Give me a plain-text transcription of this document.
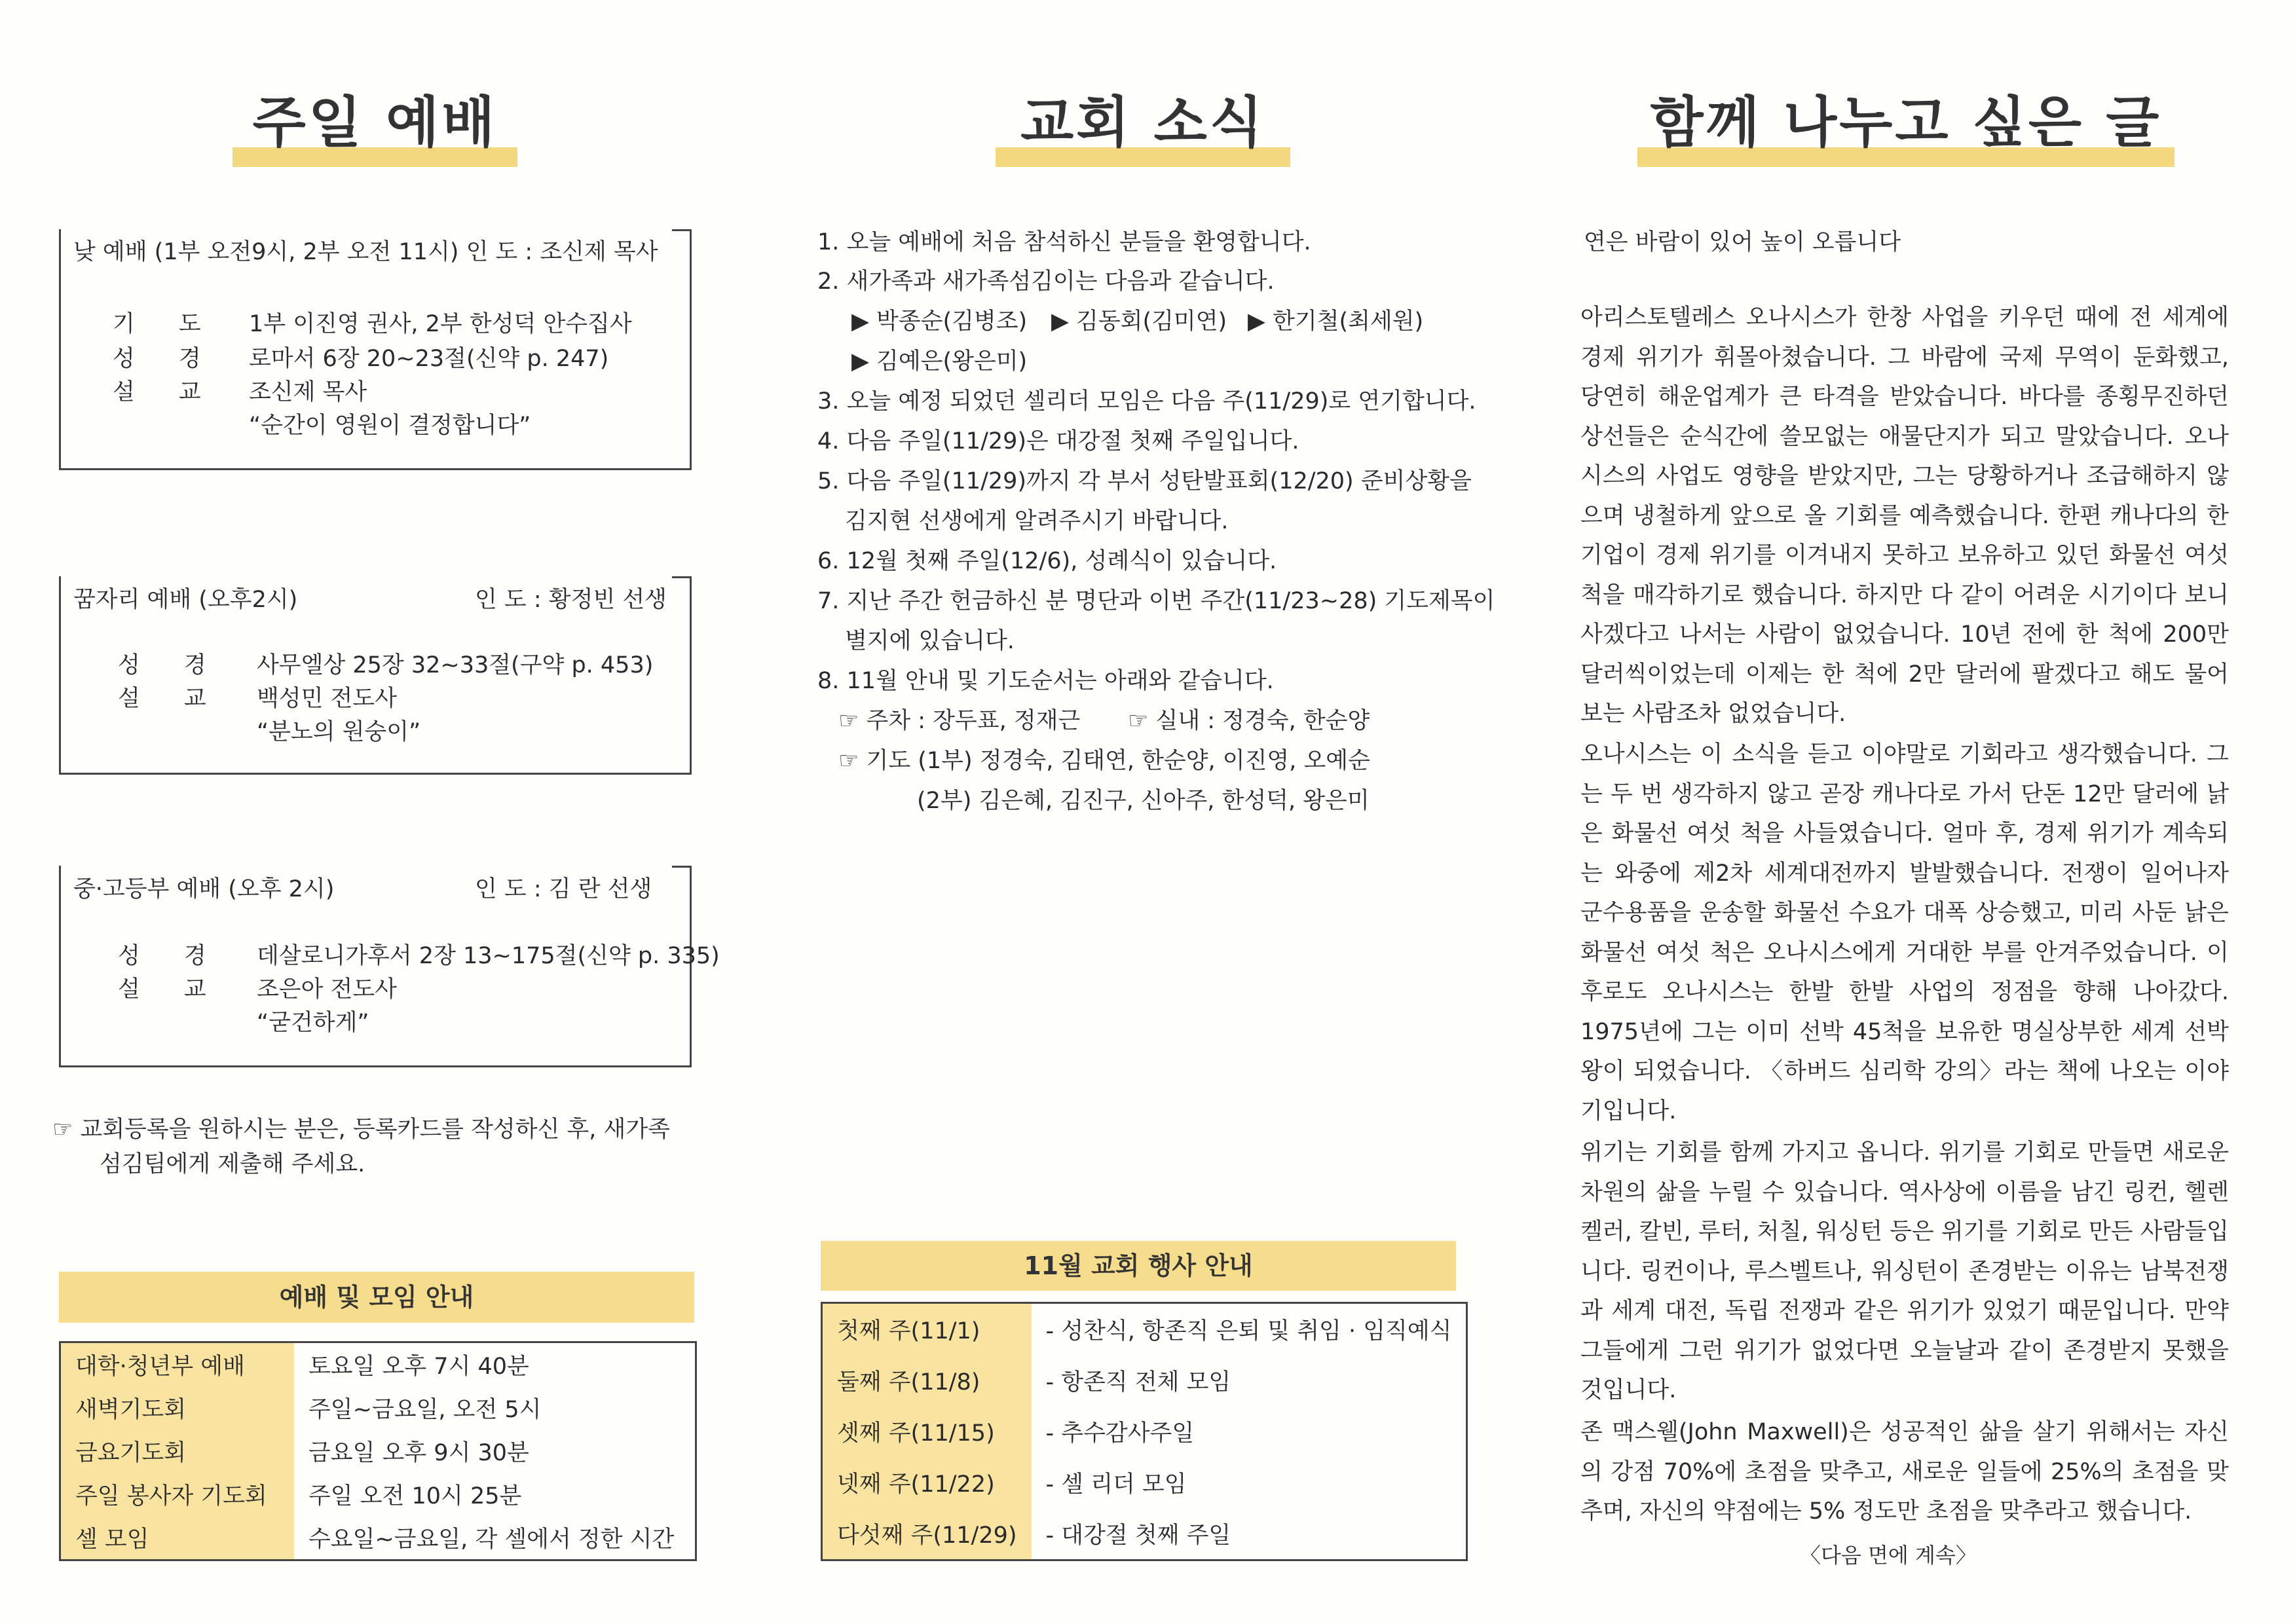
주일 예배
낮 예배 (1부 오전9시, 2부 오전 11시) 인 도 : 조신제 목사
기 도 1부 이진영 권사, 2부 한성덕 안수집사
성 경 로마서 6장 20~23절(신약 p. 247)
설 교 조신제 목사
“순간이 영원이 결정합니다”
꿈자리 예배 (오후2시)	인 도 : 황정빈 선생
성 경 사무엘상 25장 32~33절(구약 p. 453)
설 교 백성민 전도사
“분노의 원숭이”
중·고등부 예배 (오후 2시)	인 도 : 김 란 선생
성 경 데살로니가후서 2장 13~175절(신약 p. 335)
설 교 조은아 전도사
“굳건하게”
☞ 교회등록을 원하시는 분은, 등록카드를 작성하신 후, 새가족
섬김팀에게 제출해 주세요.
예배 및 모임 안내
대학·청년부 예배	토요일 오후 7시 40분
새벽기도회	주일~금요일, 오전 5시
금요기도회	금요일 오후 9시 30분
주일 봉사자 기도회	주일 오전 10시 25분
셀 모임	수요일~금요일, 각 셀에서 정한 시간
교회 소식
1. 오늘 예배에 처음 참석하신 분들을 환영합니다.
2. 새가족과 새가족섬김이는 다음과 같습니다.
▶ 박종순(김병조) ▶ 김동회(김미연) ▶ 한기철(최세원)
▶ 김예은(왕은미)
3. 오늘 예정 되었던 셀리더 모임은 다음 주(11/29)로 연기합니다.
4. 다음 주일(11/29)은 대강절 첫째 주일입니다.
5. 다음 주일(11/29)까지 각 부서 성탄발표회(12/20) 준비상황을
김지현 선생에게 알려주시기 바랍니다.
6. 12월 첫째 주일(12/6), 성례식이 있습니다.
7. 지난 주간 헌금하신 분 명단과 이번 주간(11/23~28) 기도제목이
별지에 있습니다.
8. 11월 안내 및 기도순서는 아래와 같습니다.
☞ 주차 : 장두표, 정재근 ☞ 실내 : 정경숙, 한순양
☞ 기도 (1부) 정경숙, 김태연, 한순양, 이진영, 오예순
(2부) 김은혜, 김진구, 신아주, 한성덕, 왕은미
11월 교회 행사 안내
첫째 주(11/1)	- 성찬식, 항존직 은퇴 및 취임 · 임직예식
둘째 주(11/8)	- 항존직 전체 모임
셋째 주(11/15)	- 추수감사주일
넷째 주(11/22)	- 셀 리더 모임
다섯째 주(11/29)	- 대강절 첫째 주일
함께 나누고 싶은 글
연은 바람이 있어 높이 오릅니다
아리스토텔레스 오나시스가 한창 사업을 키우던 때에 전 세계에 경제 위기가 휘몰아쳤습니다. 그 바람에 국제 무역이 둔화했고, 당연히 해운업계가 큰 타격을 받았습니다. 바다를 종횡무진하던 상선들은 순식간에 쓸모없는 애물단지가 되고 말았습니다. 오나시스의 사업도 영향을 받았지만, 그는 당황하거나 조급해하지 않으며 냉철하게 앞으로 올 기회를 예측했습니다. 한편 캐나다의 한 기업이 경제 위기를 이겨내지 못하고 보유하고 있던 화물선 여섯 척을 매각하기로 했습니다. 하지만 다 같이 어려운 시기이다 보니 사겠다고 나서는 사람이 없었습니다. 10년 전에 한 척에 200만 달러씩이었는데 이제는 한 척에 2만 달러에 팔겠다고 해도 물어보는 사람조차 없었습니다.
오나시스는 이 소식을 듣고 이야말로 기회라고 생각했습니다. 그는 두 번 생각하지 않고 곧장 캐나다로 가서 단돈 12만 달러에 낡은 화물선 여섯 척을 사들였습니다. 얼마 후, 경제 위기가 계속되는 와중에 제2차 세계대전까지 발발했습니다. 전쟁이 일어나자 군수용품을 운송할 화물선 수요가 대폭 상승했고, 미리 사둔 낡은 화물선 여섯 척은 오나시스에게 거대한 부를 안겨주었습니다. 이후로도 오나시스는 한발 한발 사업의 정점을 향해 나아갔다. 1975년에 그는 이미 선박 45척을 보유한 명실상부한 세계 선박왕이 되었습니다. 〈하버드 심리학 강의〉라는 책에 나오는 이야기입니다.
위기는 기회를 함께 가지고 옵니다. 위기를 기회로 만들면 새로운 차원의 삶을 누릴 수 있습니다. 역사상에 이름을 남긴 링컨, 헬렌켈러, 칼빈, 루터, 처칠, 워싱턴 등은 위기를 기회로 만든 사람들입니다. 링컨이나, 루스벨트나, 워싱턴이 존경받는 이유는 남북전쟁과 세계 대전, 독립 전쟁과 같은 위기가 있었기 때문입니다. 만약 그들에게 그런 위기가 없었다면 오늘날과 같이 존경받지 못했을 것입니다.
존 맥스웰(John Maxwell)은 성공적인 삶을 살기 위해서는 자신의 강점 70%에 초점을 맞추고, 새로운 일들에 25%의 초점을 맞추며, 자신의 약점에는 5% 정도만 초점을 맞추라고 했습니다.
〈다음 면에 계속〉
